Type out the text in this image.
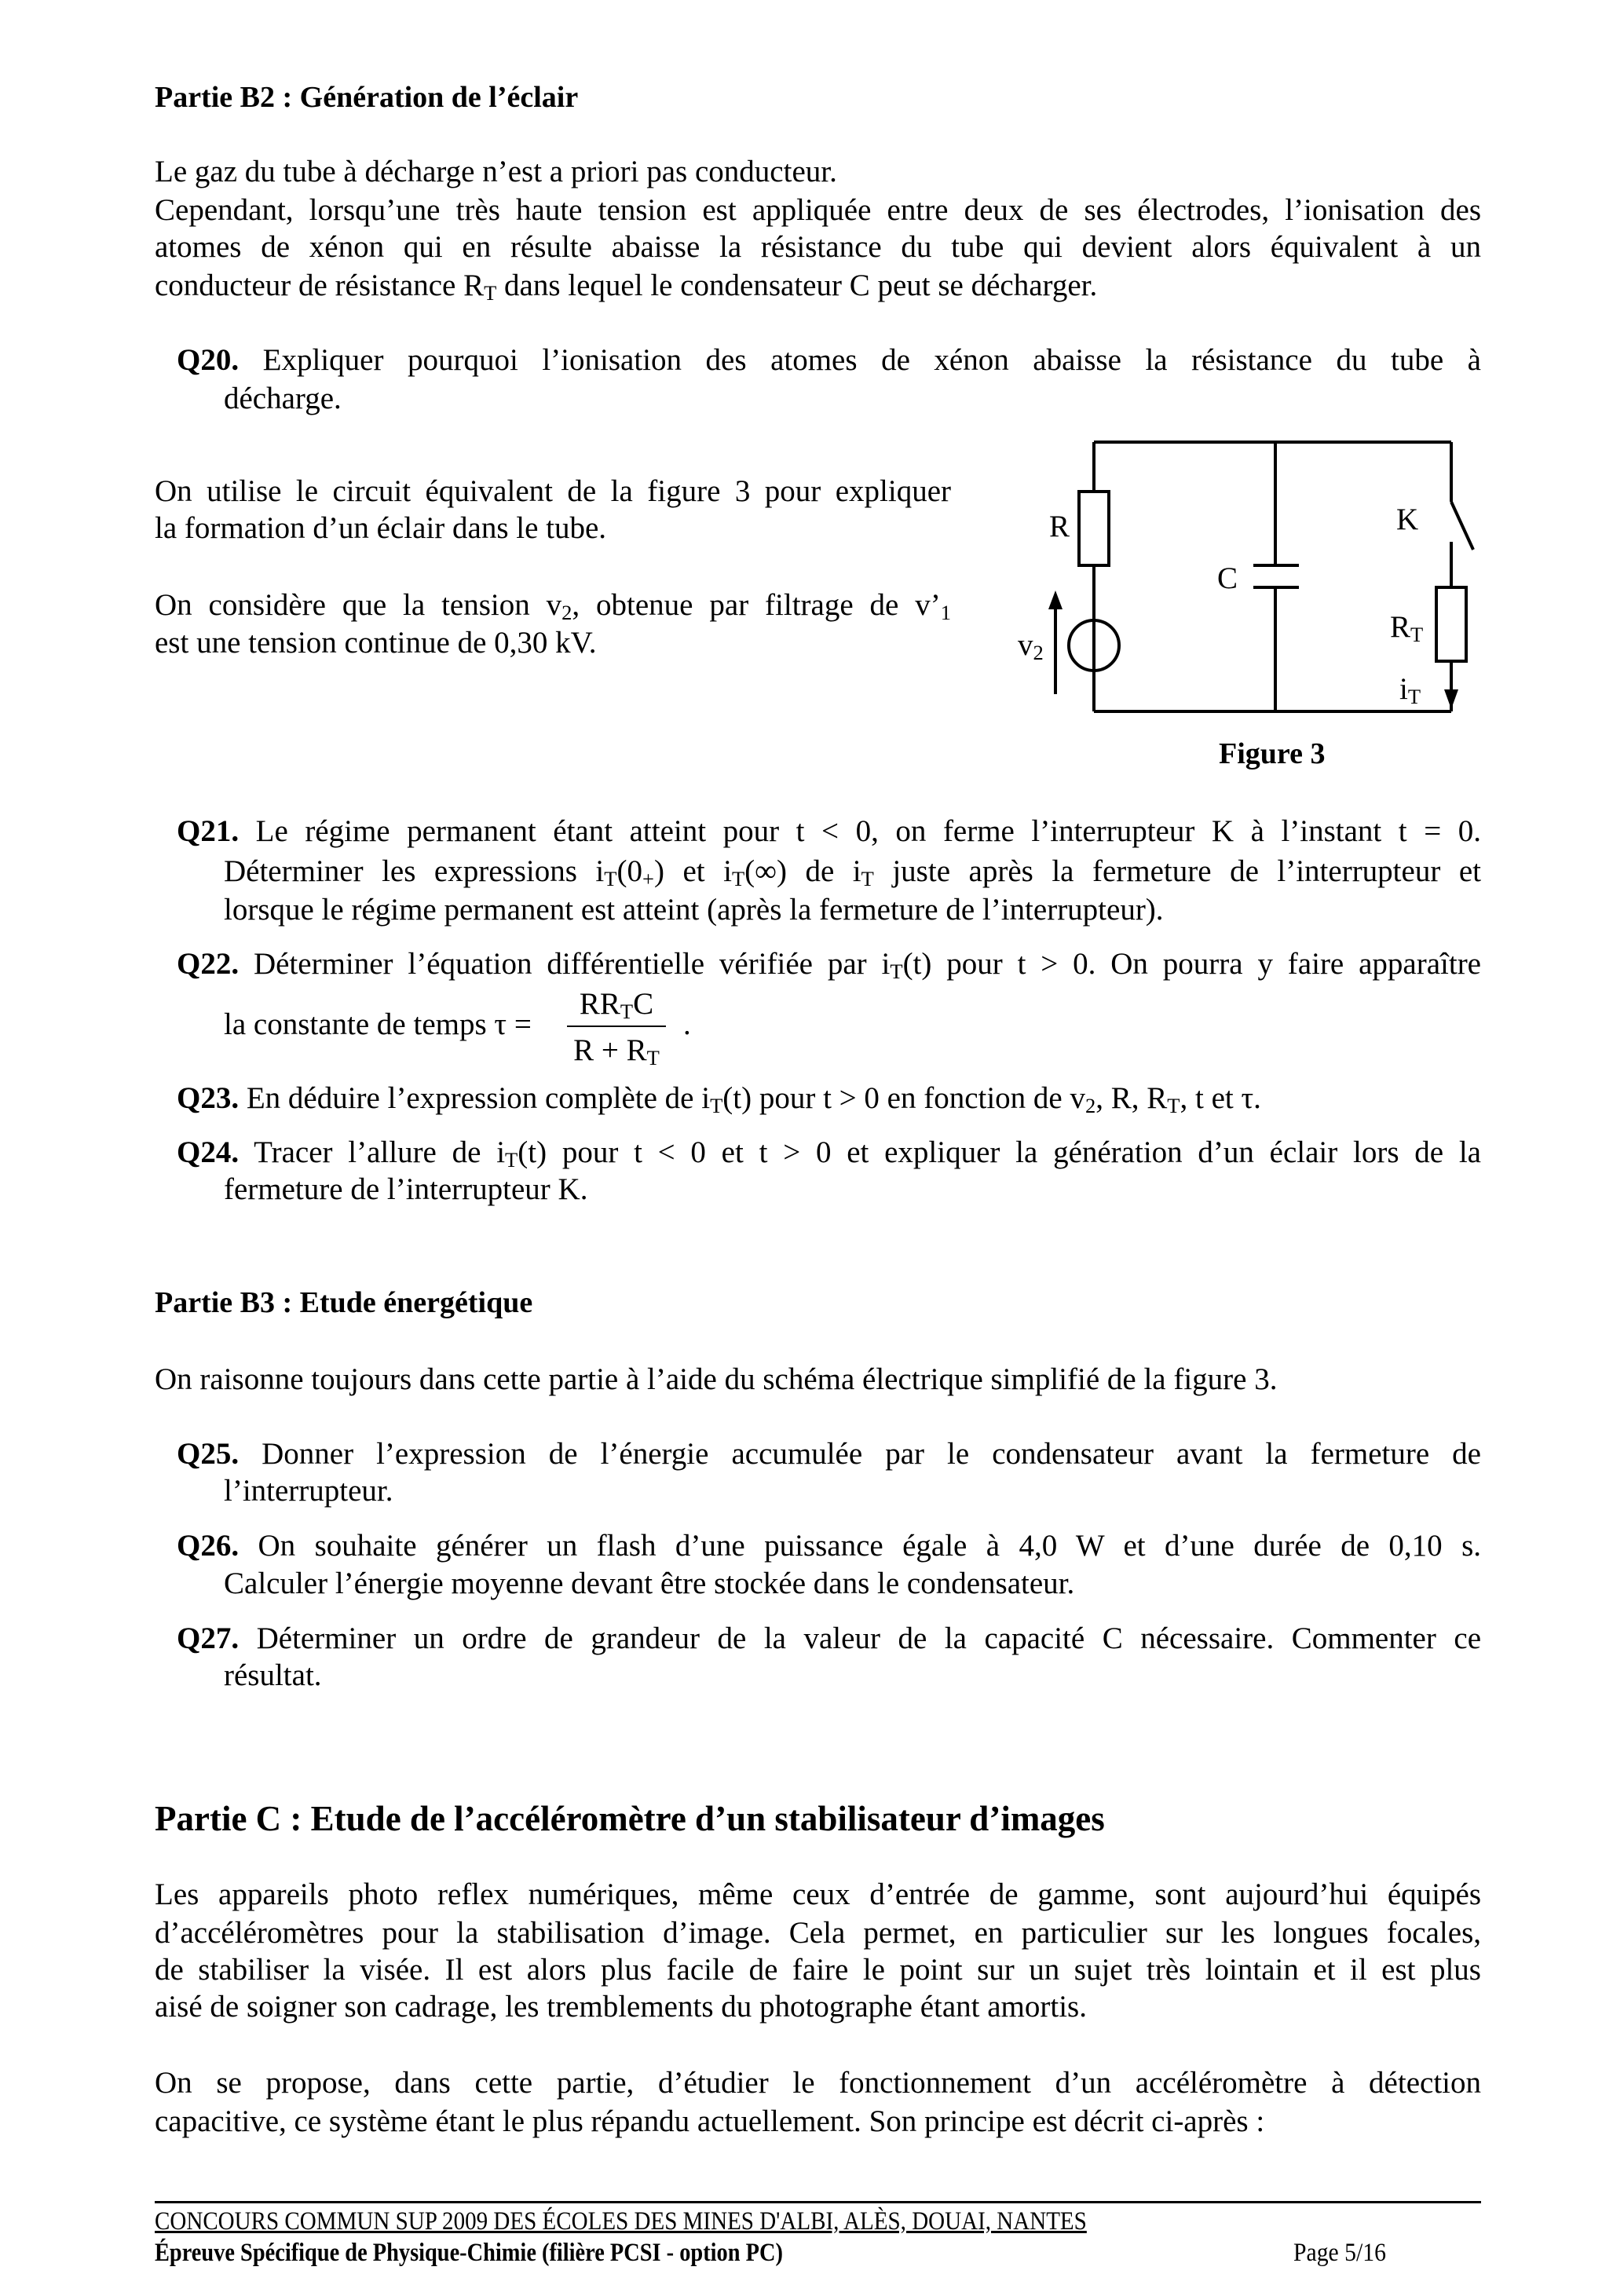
Partie B2 : Génération de l’éclair
Le gaz du tube à décharge n’est a priori pas conducteur.
Cependant, lorsqu’une très haute tension est appliquée entre deux de ses électrodes, l’ionisation des
atomes de xénon qui en résulte abaisse la résistance du tube qui devient alors équivalent à un
conducteur de résistance $R_T$ dans lequel le condensateur C peut se décharger.
Q20. Expliquer pourquoi l’ionisation des atomes de xénon abaisse la résistance du tube à
décharge.
On utilise le circuit équivalent de la figure 3 pour expliquer
la formation d’un éclair dans le tube.
On considère que la tension $v_2$, obtenue par filtrage de $v’_1$
est une tension continue de 0,30 kV.
R
C
K
$R_T$
$i_T$
$v_2$
Figure 3
Q21. Le régime permanent étant atteint pour t < 0, on ferme l’interrupteur K à l’instant t = 0.
Déterminer les expressions $i_T(0_+)$ et $i_T(\infty)$ de $i_T$ juste après la fermeture de l’interrupteur et
lorsque le régime permanent est atteint (après la fermeture de l’interrupteur).
Q22. Déterminer l’équation différentielle vérifiée par $i_T(t)$ pour t > 0. On pourra y faire apparaître
la constante de temps τ =
$RR_TC$
$R + R_T$
.
Q23. En déduire l’expression complète de $i_T(t)$ pour t > 0 en fonction de $v_2$, R, $R_T$, t et τ.
Q24. Tracer l’allure de $i_T(t)$ pour t < 0 et t > 0 et expliquer la génération d’un éclair lors de la
fermeture de l’interrupteur K.
Partie B3 : Etude énergétique
On raisonne toujours dans cette partie à l’aide du schéma électrique simplifié de la figure 3.
Q25. Donner l’expression de l’énergie accumulée par le condensateur avant la fermeture de
l’interrupteur.
Q26. On souhaite générer un flash d’une puissance égale à 4,0 W et d’une durée de 0,10 s.
Calculer l’énergie moyenne devant être stockée dans le condensateur.
Q27. Déterminer un ordre de grandeur de la valeur de la capacité C nécessaire. Commenter ce
résultat.
Partie C : Etude de l’accéléromètre d’un stabilisateur d’images
Les appareils photo reflex numériques, même ceux d’entrée de gamme, sont aujourd’hui équipés
d’accéléromètres pour la stabilisation d’image. Cela permet, en particulier sur les longues focales,
de stabiliser la visée. Il est alors plus facile de faire le point sur un sujet très lointain et il est plus
aisé de soigner son cadrage, les tremblements du photographe étant amortis.
On se propose, dans cette partie, d’étudier le fonctionnement d’un accéléromètre à détection
capacitive, ce système étant le plus répandu actuellement. Son principe est décrit ci-après :
CONCOURS COMMUN SUP 2009 DES ÉCOLES DES MINES D'ALBI, ALÈS, DOUAI, NANTES
Épreuve Spécifique de Physique-Chimie (filière PCSI - option PC)	Page 5/16
